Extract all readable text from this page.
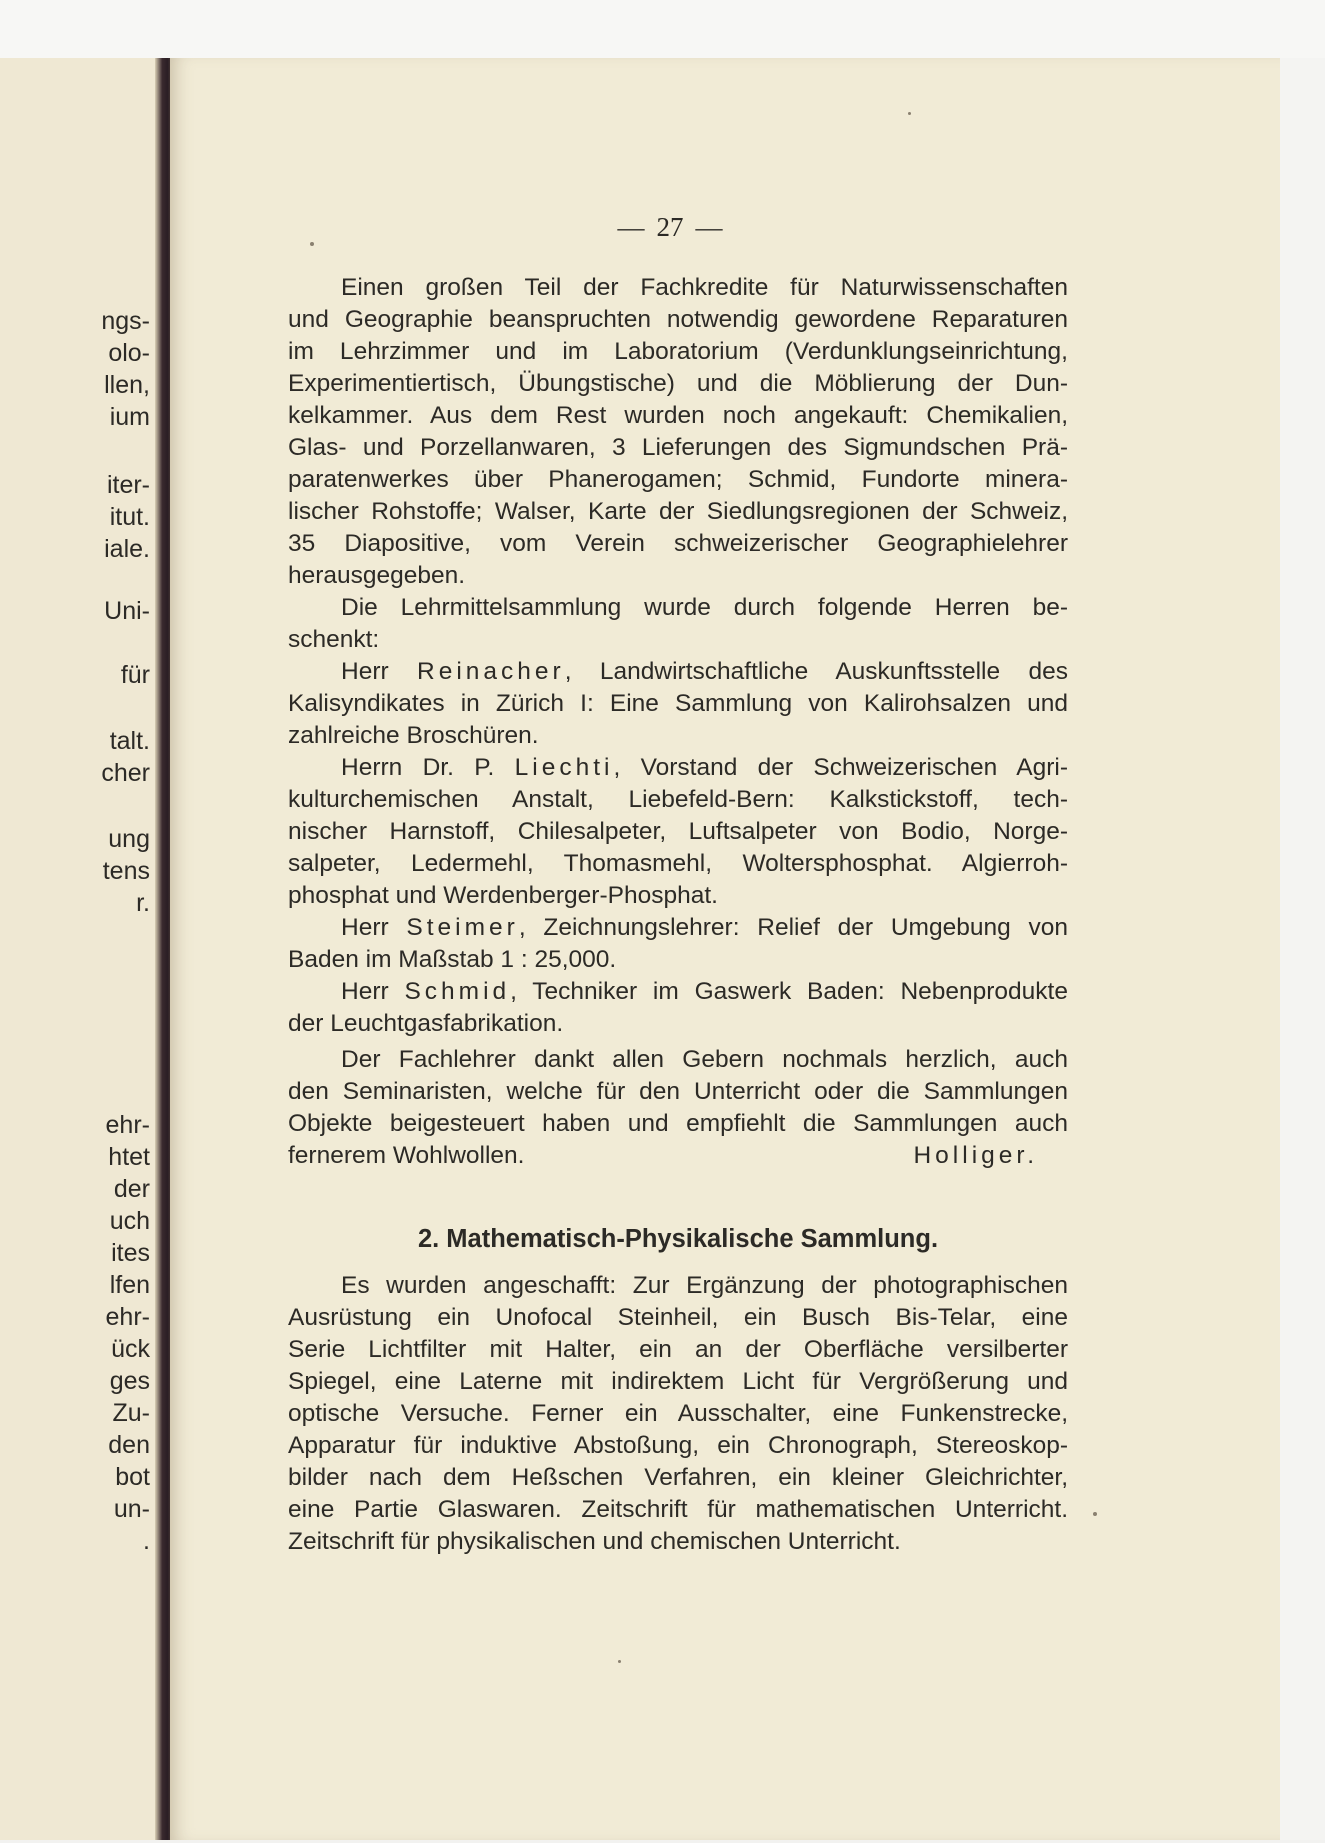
ngs-
olo-
llen,
ium
iter-
itut.
iale.
Uni-
für
talt.
cher
ung
tens
r.
ehr-
htet
der
uch
ites
lfen
ehr-
ück
ges
Zu-
den
bot
un-
.
— 27 —
Einen großen Teil der Fachkredite für Naturwissenschaften
und Geographie beanspruchten notwendig gewordene Reparaturen
im Lehrzimmer und im Laboratorium (Verdunklungseinrichtung,
Experimentiertisch, Übungstische) und die Möblierung der Dun-
kelkammer. Aus dem Rest wurden noch angekauft: Chemikalien,
Glas- und Porzellanwaren, 3 Lieferungen des Sigmundschen Prä-
paratenwerkes über Phanerogamen; Schmid, Fundorte minera-
lischer Rohstoffe; Walser, Karte der Siedlungsregionen der Schweiz,
35 Diapositive, vom Verein schweizerischer Geographielehrer
herausgegeben.
Die Lehrmittelsammlung wurde durch folgende Herren be-
schenkt:
Herr Reinacher, Landwirtschaftliche Auskunftsstelle des
Kalisyndikates in Zürich I: Eine Sammlung von Kalirohsalzen und
zahlreiche Broschüren.
Herrn Dr. P. Liechti, Vorstand der Schweizerischen Agri-
kulturchemischen Anstalt, Liebefeld-Bern: Kalkstickstoff, tech-
nischer Harnstoff, Chilesalpeter, Luftsalpeter von Bodio, Norge-
salpeter, Ledermehl, Thomasmehl, Woltersphosphat. Algierroh-
phosphat und Werdenberger-Phosphat.
Herr Steimer, Zeichnungslehrer: Relief der Umgebung von
Baden im Maßstab 1 : 25,000.
Herr Schmid, Techniker im Gaswerk Baden: Nebenprodukte
der Leuchtgasfabrikation.
Der Fachlehrer dankt allen Gebern nochmals herzlich, auch
den Seminaristen, welche für den Unterricht oder die Sammlungen
Objekte beigesteuert haben und empfiehlt die Sammlungen auch
fernerem Wohlwollen.	Holliger.
2. Mathematisch-Physikalische Sammlung.
Es wurden angeschafft: Zur Ergänzung der photographischen
Ausrüstung ein Unofocal Steinheil, ein Busch Bis-Telar, eine
Serie Lichtfilter mit Halter, ein an der Oberfläche versilberter
Spiegel, eine Laterne mit indirektem Licht für Vergrößerung und
optische Versuche. Ferner ein Ausschalter, eine Funkenstrecke,
Apparatur für induktive Abstoßung, ein Chronograph, Stereoskop-
bilder nach dem Heßschen Verfahren, ein kleiner Gleichrichter,
eine Partie Glaswaren. Zeitschrift für mathematischen Unterricht.
Zeitschrift für physikalischen und chemischen Unterricht.
